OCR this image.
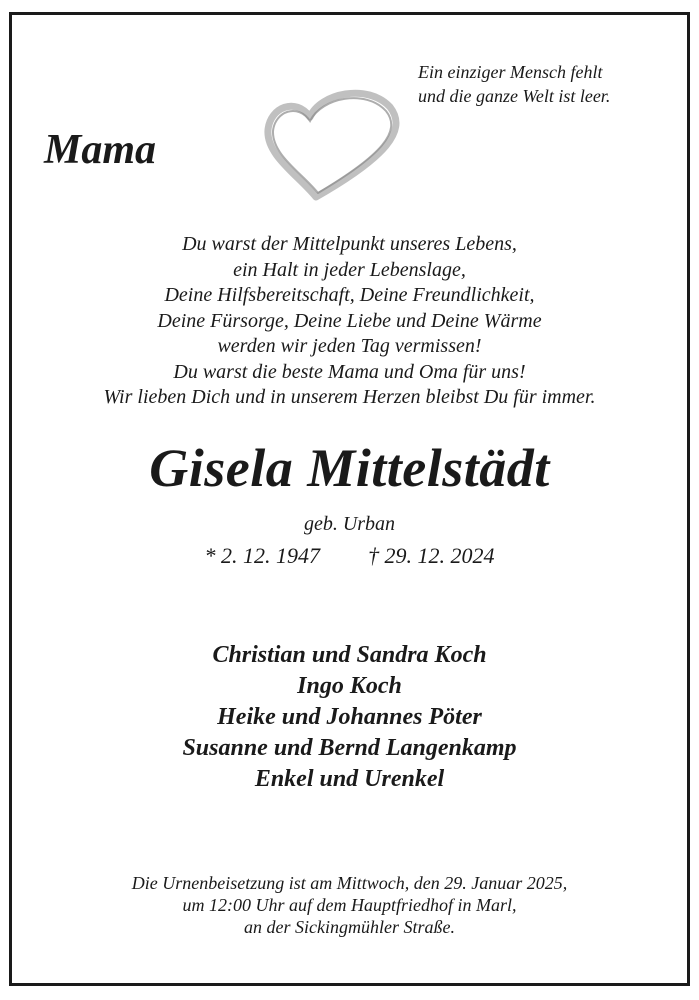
Ein einziger Mensch fehlt
und die ganze Welt ist leer.
Mama
Du warst der Mittelpunkt unseres Lebens,
ein Halt in jeder Lebenslage,
Deine Hilfsbereitschaft, Deine Freundlichkeit,
Deine Fürsorge, Deine Liebe und Deine Wärme
werden wir jeden Tag vermissen!
Du warst die beste Mama und Oma für uns!
Wir lieben Dich und in unserem Herzen bleibst Du für immer.
Gisela Mittelstädt
geb. Urban
* 2. 12. 1947 † 29. 12. 2024
Christian und Sandra Koch
Ingo Koch
Heike und Johannes Pöter
Susanne und Bernd Langenkamp
Enkel und Urenkel
Die Urnenbeisetzung ist am Mittwoch, den 29. Januar 2025,
um 12:00 Uhr auf dem Hauptfriedhof in Marl,
an der Sickingmühler Straße.
